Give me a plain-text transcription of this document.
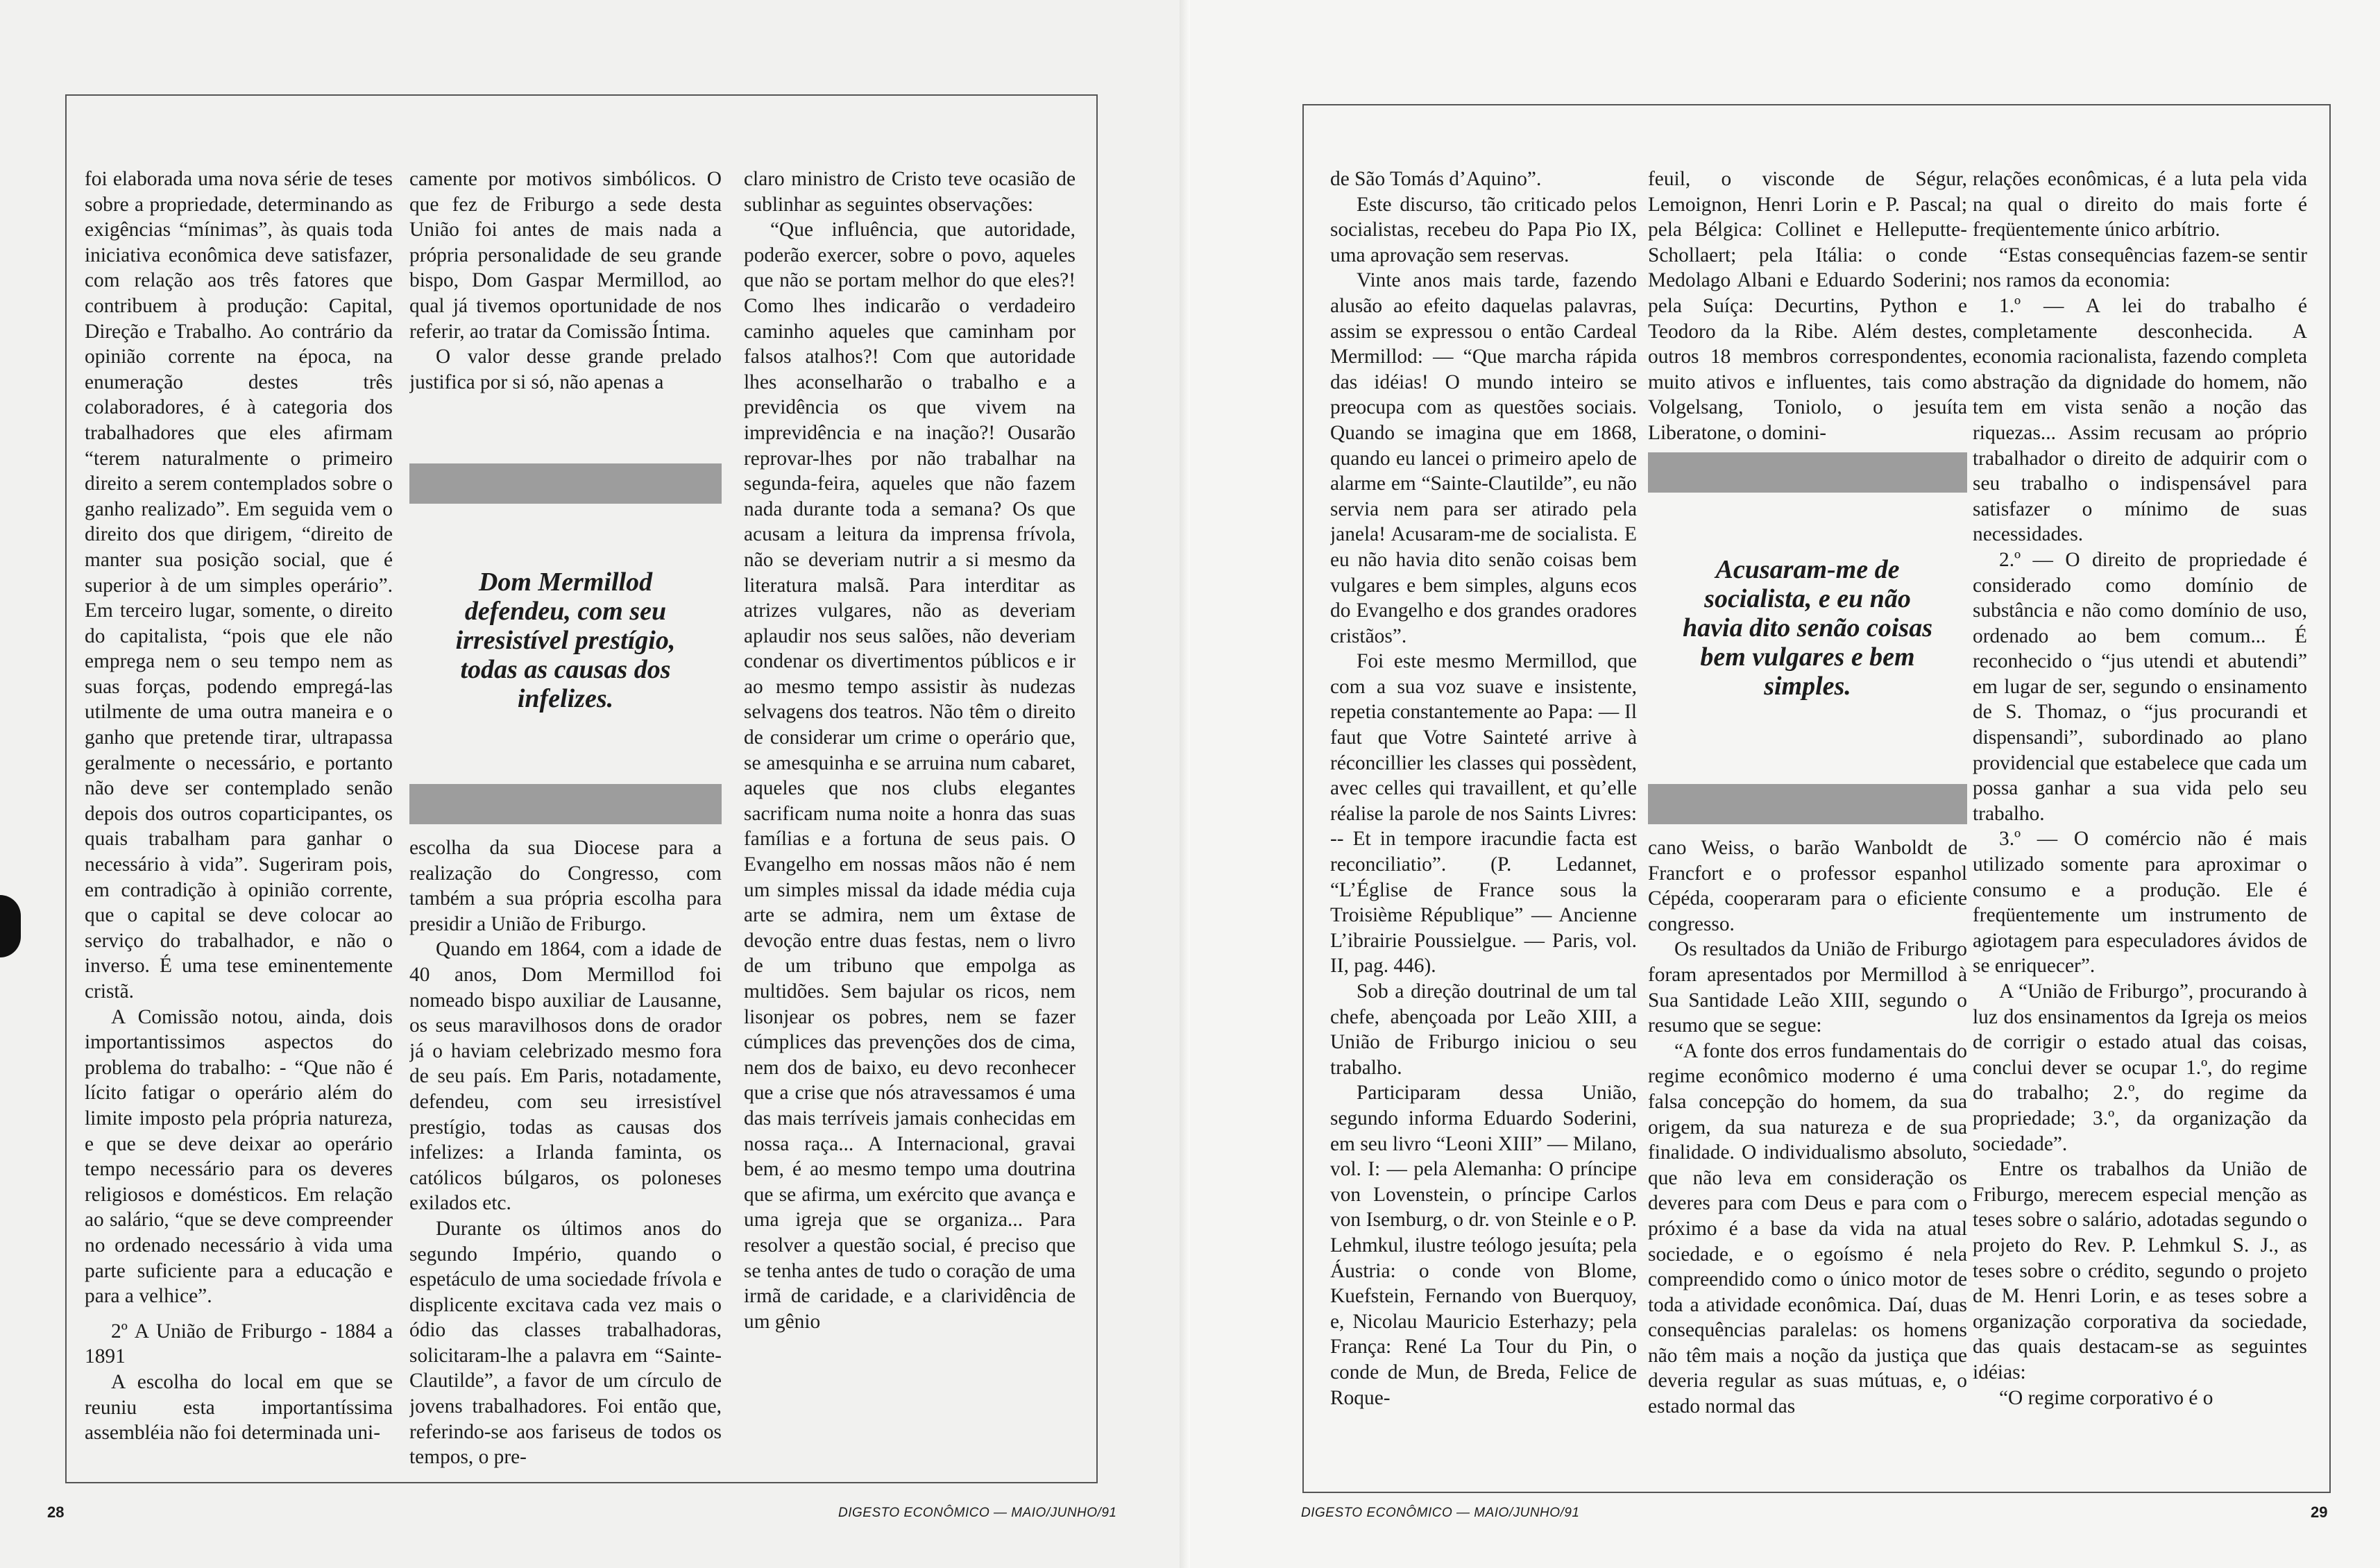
foi elaborada uma nova série de teses sobre a propriedade, determinando as exigências “mínimas”, às quais toda iniciativa econômica deve satisfazer, com relação aos três fatores que contribuem à produção: Capital, Direção e Trabalho. Ao contrário da opinião corrente na época, na enumeração destes três colaboradores, é à categoria dos trabalhadores que eles afirmam “terem naturalmente o primeiro direito a serem contemplados sobre o ganho realizado”. Em seguida vem o direito dos que dirigem, “direito de manter sua posição social, que é superior à de um simples operário”. Em terceiro lugar, somente, o direito do capitalista, “pois que ele não emprega nem o seu tempo nem as suas forças, podendo empregá-las utilmente de uma outra maneira e o ganho que pretende tirar, ultrapassa geralmente o necessário, e portanto não deve ser contemplado senão depois dos outros coparticipantes, os quais trabalham para ganhar o necessário à vida”. Sugeriram pois, em contradição à opinião corrente, que o capital se deve colocar ao serviço do trabalhador, e não o inverso. É uma tese eminentemente cristã.

A Comissão notou, ainda, dois importantissimos aspectos do problema do trabalho: - “Que não é lícito fatigar o operário além do limite imposto pela própria natureza, e que se deve deixar ao operário tempo necessário para os deveres religiosos e domésticos. Em relação ao salário, “que se deve compreender no ordenado necessário à vida uma parte suficiente para a educação e para a velhice”.

2º A União de Friburgo - 1884 a 1891

A escolha do local em que se reuniu esta importantíssima assembléia não foi determinada uni-

camente por motivos simbólicos. O que fez de Friburgo a sede desta União foi antes de mais nada a própria personalidade de seu grande bispo, Dom Gaspar Mermillod, ao qual já tivemos oportunidade de nos referir, ao tratar da Comissão Íntima.

O valor desse grande prelado justifica por si só, não apenas a

Dom Mermillod defendeu, com seu irresistível prestígio, todas as causas dos infelizes.

escolha da sua Diocese para a realização do Congresso, com também a sua própria escolha para presidir a União de Friburgo.

Quando em 1864, com a idade de 40 anos, Dom Mermillod foi nomeado bispo auxiliar de Lausanne, os seus maravilhosos dons de orador já o haviam celebrizado mesmo fora de seu país. Em Paris, notadamente, defendeu, com seu irresistível prestígio, todas as causas dos infelizes: a Irlanda faminta, os católicos búlgaros, os poloneses exilados etc.

Durante os últimos anos do segundo Império, quando o espetáculo de uma sociedade frívola e displicente excitava cada vez mais o ódio das classes trabalhadoras, solicitaram-lhe a palavra em “Sainte-Clautilde”, a favor de um círculo de jovens trabalhadores. Foi então que, referindo-se aos fariseus de todos os tempos, o pre-

claro ministro de Cristo teve ocasião de sublinhar as seguintes observações:

“Que influência, que autoridade, poderão exercer, sobre o povo, aqueles que não se portam melhor do que eles?! Como lhes indicarão o verdadeiro caminho aqueles que caminham por falsos atalhos?! Com que autoridade lhes aconselharão o trabalho e a previdência os que vivem na imprevidência e na inação?! Ousarão reprovar-lhes por não trabalhar na segunda-feira, aqueles que não fazem nada durante toda a semana? Os que acusam a leitura da imprensa frívola, não se deveriam nutrir a si mesmo da literatura malsã. Para interditar as atrizes vulgares, não as deveriam aplaudir nos seus salões, não deveriam condenar os divertimentos públicos e ir ao mesmo tempo assistir às nudezas selvagens dos teatros. Não têm o direito de considerar um crime o operário que, se amesquinha e se arruina num cabaret, aqueles que nos clubs elegantes sacrificam numa noite a honra das suas famílias e a fortuna de seus pais. O Evangelho em nossas mãos não é nem um simples missal da idade média cuja arte se admira, nem um êxtase de devoção entre duas festas, nem o livro de um tribuno que empolga as multidões. Sem bajular os ricos, nem lisonjear os pobres, nem se fazer cúmplices das prevenções dos de cima, nem dos de baixo, eu devo reconhecer que a crise que nós atravessamos é uma das mais terríveis jamais conhecidas em nossa raça... A Internacional, gravai bem, é ao mesmo tempo uma doutrina que se afirma, um exército que avança e uma igreja que se organiza... Para resolver a questão social, é preciso que se tenha antes de tudo o coração de uma irmã de caridade, e a clarividência de um gênio

28	DIGESTO ECONÔMICO — MAIO/JUNHO/91

de São Tomás d’Aquino”.

Este discurso, tão criticado pelos socialistas, recebeu do Papa Pio IX, uma aprovação sem reservas.

Vinte anos mais tarde, fazendo alusão ao efeito daquelas palavras, assim se expressou o então Cardeal Mermillod: — “Que marcha rápida das idéias! O mundo inteiro se preocupa com as questões sociais. Quando se imagina que em 1868, quando eu lancei o primeiro apelo de alarme em “Sainte-Clautilde”, eu não servia nem para ser atirado pela janela! Acusaram-me de socialista. E eu não havia dito senão coisas bem vulgares e bem simples, alguns ecos do Evangelho e dos grandes oradores cristãos”.

Foi este mesmo Mermillod, que com a sua voz suave e insistente, repetia constantemente ao Papa: — Il faut que Votre Sainteté arrive à réconcillier les classes qui possèdent, avec celles qui travaillent, et qu’elle réalise la parole de nos Saints Livres: -- Et in tempore iracundie facta est reconciliatio”. (P. Ledannet, “L’Église de France sous la Troisième République” — Ancienne L’ibrairie Poussielgue. — Paris, vol. II, pag. 446).

Sob a direção doutrinal de um tal chefe, abençoada por Leão XIII, a União de Friburgo iniciou o seu trabalho.

Participaram dessa União, segundo informa Eduardo Soderini, em seu livro “Leoni XIII” — Milano, vol. I: — pela Alemanha: O príncipe von Lovenstein, o príncipe Carlos von Isemburg, o dr. von Steinle e o P. Lehmkul, ilustre teólogo jesuíta; pela Áustria: o conde von Blome, Kuefstein, Fernando von Buerquoy, e, Nicolau Mauricio Esterhazy; pela França: René La Tour du Pin, o conde de Mun, de Breda, Felice de Roque-

feuil, o visconde de Ségur, Lemoignon, Henri Lorin e P. Pascal; pela Bélgica: Collinet e Helleputte-Schollaert; pela Itália: o conde Medolago Albani e Eduardo Soderini; pela Suíça: Decurtins, Python e Teodoro da la Ribe. Além destes, outros 18 membros correspondentes, muito ativos e influentes, tais como Volgelsang, Toniolo, o jesuíta Liberatone, o domini-

Acusaram-me de socialista, e eu não havia dito senão coisas bem vulgares e bem simples.

cano Weiss, o barão Wanboldt de Francfort e o professor espanhol Cépéda, cooperaram para o eficiente congresso.

Os resultados da União de Friburgo foram apresentados por Mermillod à Sua Santidade Leão XIII, segundo o resumo que se segue:

“A fonte dos erros fundamentais do regime econômico moderno é uma falsa concepção do homem, da sua origem, da sua natureza e de sua finalidade. O individualismo absoluto, que não leva em consideração os deveres para com Deus e para com o próximo é a base da vida na atual sociedade, e o egoísmo é nela compreendido como o único motor de toda a atividade econômica. Daí, duas consequências paralelas: os homens não têm mais a noção da justiça que deveria regular as suas mútuas, e, o estado normal das

relações econômicas, é a luta pela vida na qual o direito do mais forte é freqüentemente único arbítrio.

“Estas consequências fazem-se sentir nos ramos da economia:

1.º — A lei do trabalho é completamente desconhecida. A economia racionalista, fazendo completa abstração da dignidade do homem, não tem em vista senão a noção das riquezas... Assim recusam ao próprio trabalhador o direito de adquirir com o seu trabalho o indispensável para satisfazer o mínimo de suas necessidades.

2.º — O direito de propriedade é considerado como domínio de substância e não como domínio de uso, ordenado ao bem comum... É reconhecido o “jus utendi et abutendi” em lugar de ser, segundo o ensinamento de S. Thomaz, o “jus procurandi et dispensandi”, subordinado ao plano providencial que estabelece que cada um possa ganhar a sua vida pelo seu trabalho.

3.º — O comércio não é mais utilizado somente para aproximar o consumo e a produção. Ele é freqüentemente um instrumento de agiotagem para especuladores ávidos de se enriquecer”.

A “União de Friburgo”, procurando à luz dos ensinamentos da Igreja os meios de corrigir o estado atual das coisas, conclui dever se ocupar 1.º, do regime do trabalho; 2.º, do regime da propriedade; 3.º, da organização da sociedade”.

Entre os trabalhos da União de Friburgo, merecem especial menção as teses sobre o salário, adotadas segundo o projeto do Rev. P. Lehmkul S. J., as teses sobre o crédito, segundo o projeto de M. Henri Lorin, e as teses sobre a organização corporativa da sociedade, das quais destacam-se as seguintes idéias:

“O regime corporativo é o

DIGESTO ECONÔMICO — MAIO/JUNHO/91	29
